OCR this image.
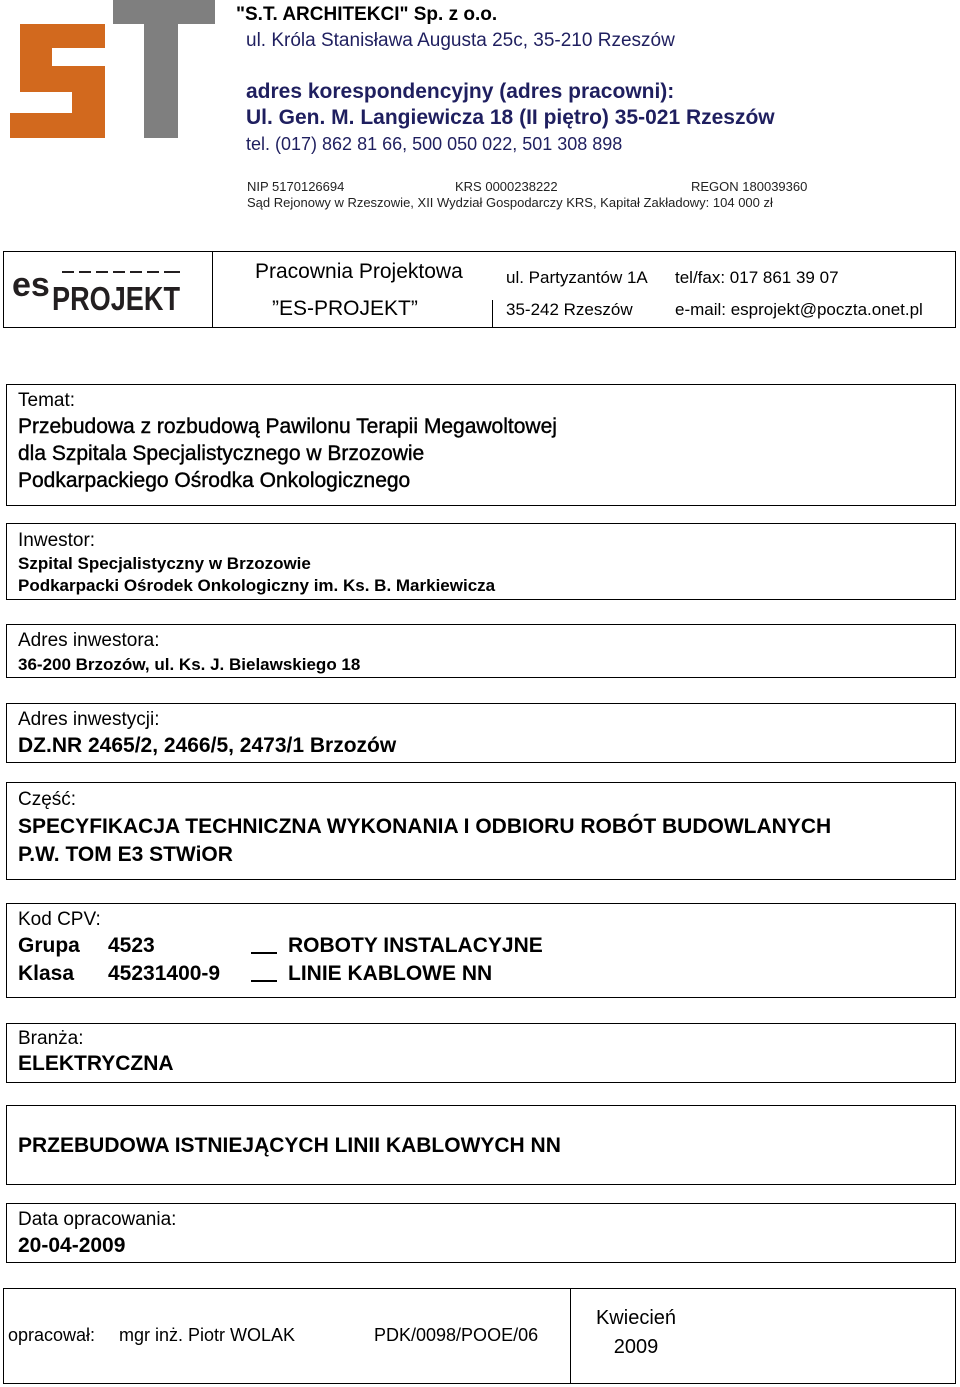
"S.T. ARCHITEKCI" Sp. z o.o.
ul. Króla Stanisława Augusta 25c, 35-210 Rzeszów
adres korespondencyjny (adres pracowni):
Ul. Gen. M. Langiewicza 18 (II piętro) 35-021 Rzeszów
tel. (017) 862 81 66, 500 050 022, 501 308 898
NIP 5170126694	KRS 0000238222	REGON 180039360
Sąd Rejonowy w Rzeszowie, XII Wydział Gospodarczy KRS, Kapitał Zakładowy: 104 000 zł
es PROJEKT
Pracownia Projektowa
”ES-PROJEKT”
ul. Partyzantów 1A
35-242 Rzeszów
tel/fax: 017 861 39 07
e-mail: esprojekt@poczta.onet.pl
Temat:
Przebudowa z rozbudową Pawilonu Terapii Megawoltowej
dla Szpitala Specjalistycznego w Brzozowie
Podkarpackiego Ośrodka Onkologicznego
Inwestor:
Szpital Specjalistyczny w Brzozowie
Podkarpacki Ośrodek Onkologiczny im. Ks. B. Markiewicza
Adres inwestora:
36-200 Brzozów, ul. Ks. J. Bielawskiego 18
Adres inwestycji:
DZ.NR 2465/2, 2466/5, 2473/1 Brzozów
Część:
SPECYFIKACJA TECHNICZNA WYKONANIA I ODBIORU ROBÓT BUDOWLANYCH
P.W. TOM E3 STWiOR
Kod CPV:
Grupa 4523	ROBOTY INSTALACYJNE
Klasa 45231400-9	LINIE KABLOWE NN
Branża:
ELEKTRYCZNA
PRZEBUDOWA ISTNIEJĄCYCH LINII KABLOWYCH NN
Data opracowania:
20-04-2009
opracował: mgr inż. Piotr WOLAK	PDK/0098/POOE/06
Kwiecień
2009
